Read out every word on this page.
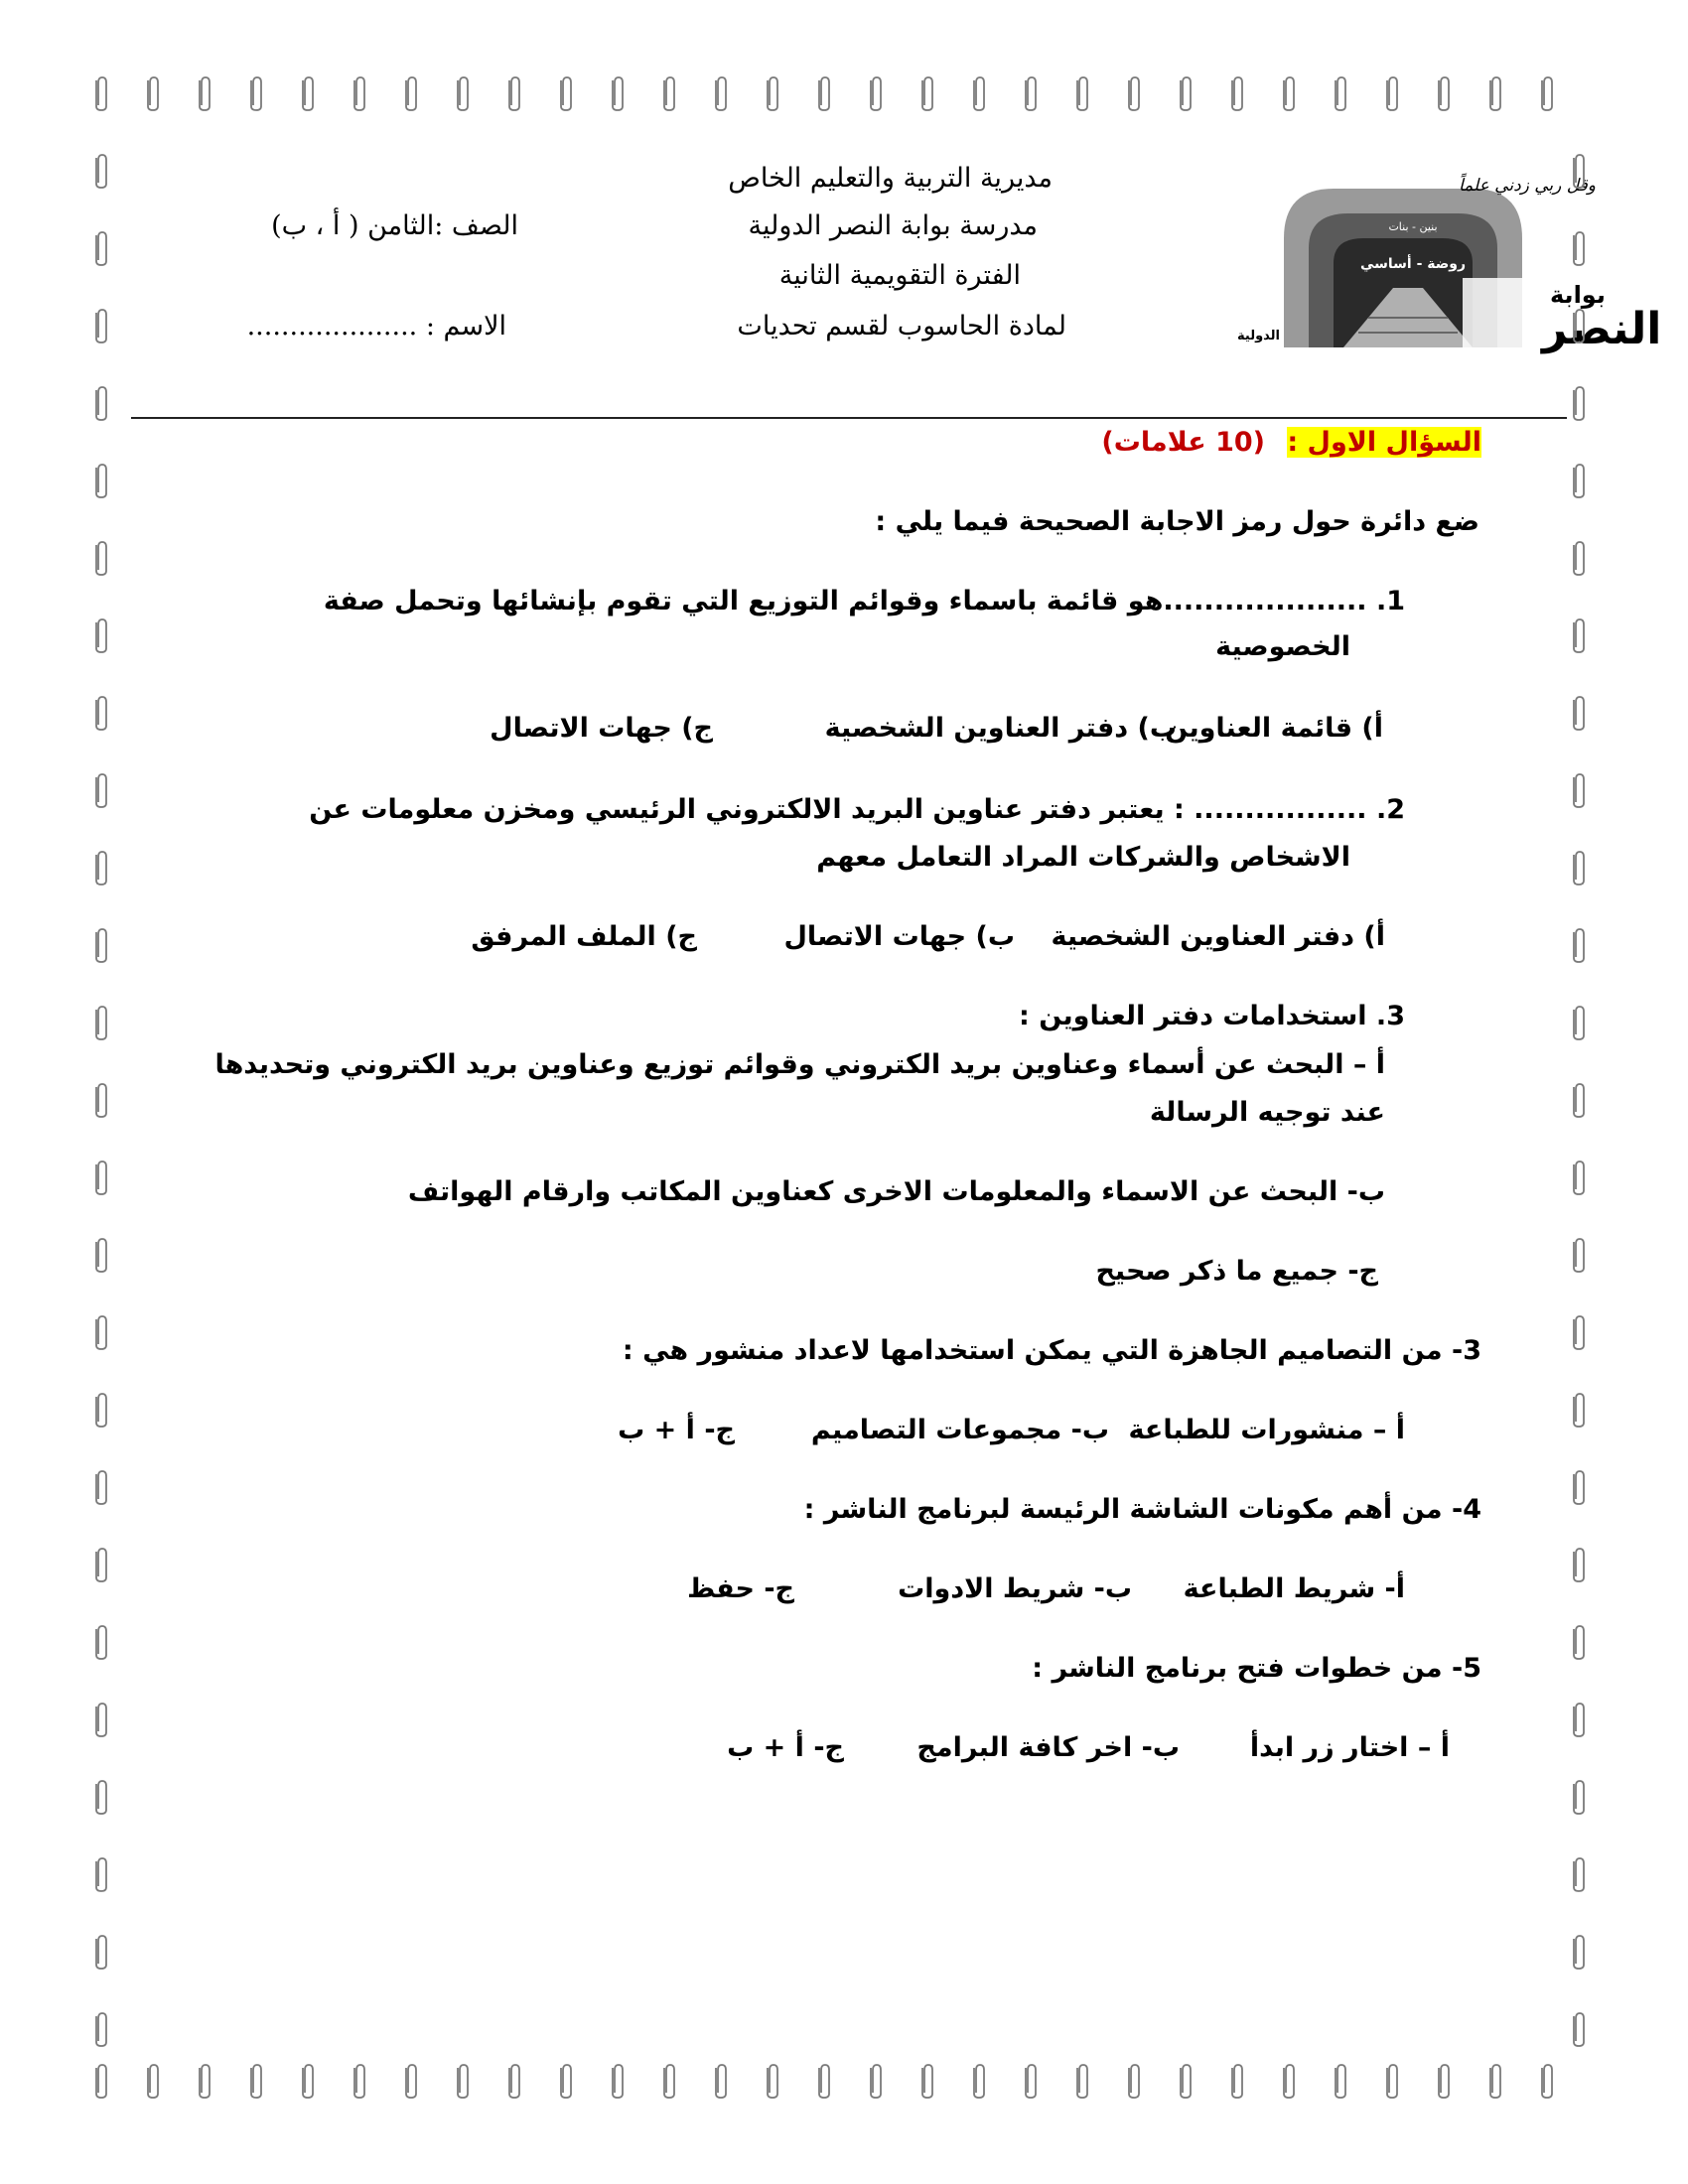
وقل ربي زدني علماً
بنين - بنات
روضة - أساسي
بوابة
النصر
الدولية
مديرية التربية والتعليم الخاص
مدرسة بوابة النصر الدولية
الفترة التقويمية الثانية
لمادة الحاسوب لقسم تحديات
الصف :الثامن ( أ ، ب)
الاسم : ....................
السؤال الاول :
(10 علامات)
ضع دائرة حول رمز الاجابة الصحيحة فيما يلي :
1. ....................هو قائمة باسماء وقوائم التوزيع التي تقوم بإنشائها وتحمل صفة
الخصوصية
أ) قائمة العناوين
ب) دفتر العناوين الشخصية
ج) جهات الاتصال
2. ................. : يعتبر دفتر عناوين البريد الالكتروني الرئيسي ومخزن معلومات عن
الاشخاص والشركات المراد التعامل معهم
أ) دفتر العناوين الشخصية
ب) جهات الاتصال
ج) الملف المرفق
3. استخدامات دفتر العناوين :
أ – البحث عن أسماء وعناوين بريد الكتروني وقوائم توزيع وعناوين بريد الكتروني وتحديدها
عند توجيه الرسالة
ب- البحث عن الاسماء والمعلومات الاخرى كعناوين المكاتب وارقام الهواتف
ج- جميع ما ذكر صحيح
3- من التصاميم الجاهزة التي يمكن استخدامها لاعداد منشور هي :
أ – منشورات للطباعة
ب- مجموعات التصاميم
ج- أ + ب
4- من أهم مكونات الشاشة الرئيسة لبرنامج الناشر :
أ- شريط الطباعة
ب- شريط الادوات
ج- حفظ
5- من خطوات فتح برنامج الناشر :
أ – اختار زر ابدأ
ب- اخر كافة البرامج
ج- أ + ب
